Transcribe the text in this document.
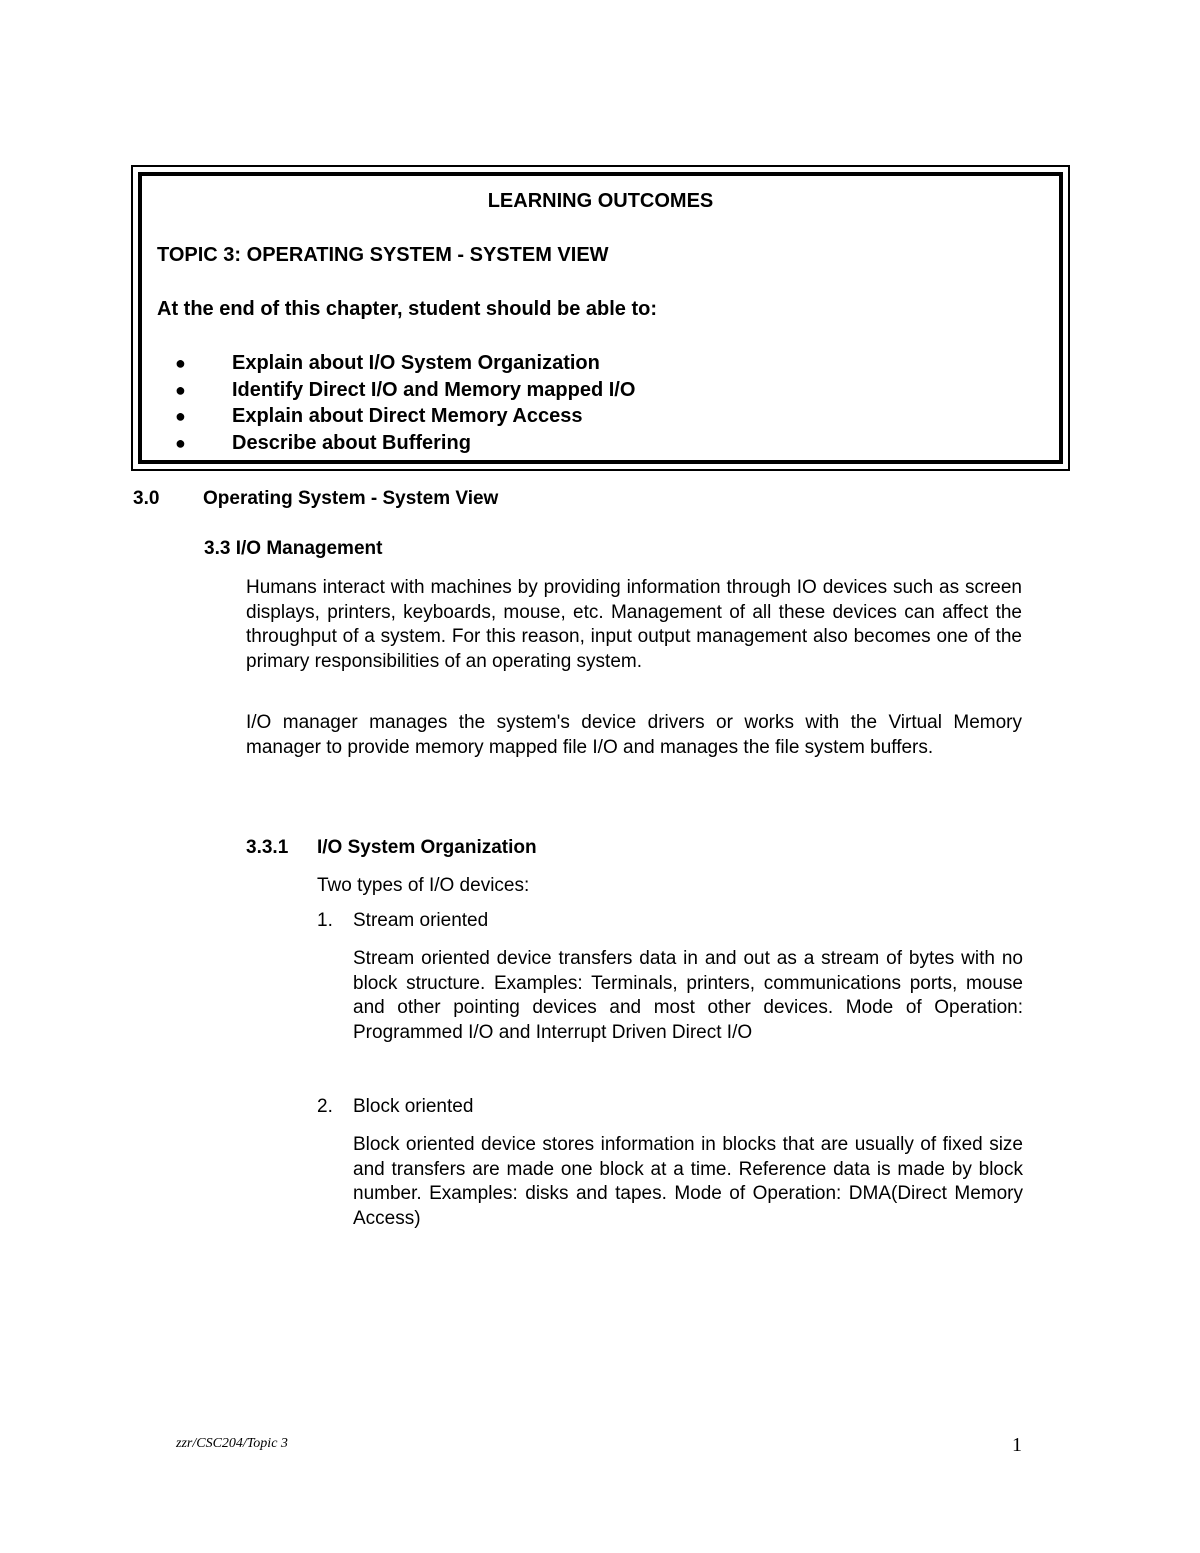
LEARNING OUTCOMES
TOPIC 3: OPERATING SYSTEM - SYSTEM VIEW
At the end of this chapter, student should be able to:
● Explain about I/O System Organization
● Identify Direct I/O and Memory mapped I/O
● Explain about Direct Memory Access
● Describe about Buffering
3.0 Operating System - System View
3.3 I/O Management

Humans interact with machines by providing information through IO devices such as screen displays, printers, keyboards, mouse, etc. Management of all these devices can affect the throughput of a system. For this reason, input output management also becomes one of the primary responsibilities of an operating system.

I/O manager manages the system's device drivers or works with the Virtual Memory manager to provide memory mapped file I/O and manages the file system buffers.

3.3.1 I/O System Organization
Two types of I/O devices:
1. Stream oriented

Stream oriented device transfers data in and out as a stream of bytes with no block structure. Examples: Terminals, printers, communications ports, mouse and other pointing devices and most other devices. Mode of Operation: Programmed I/O and Interrupt Driven Direct I/O

2. Block oriented

Block oriented device stores information in blocks that are usually of fixed size and transfers are made one block at a time. Reference data is made by block number. Examples: disks and tapes. Mode of Operation: DMA(Direct Memory Access)

zzr/CSC204/Topic 3	1
